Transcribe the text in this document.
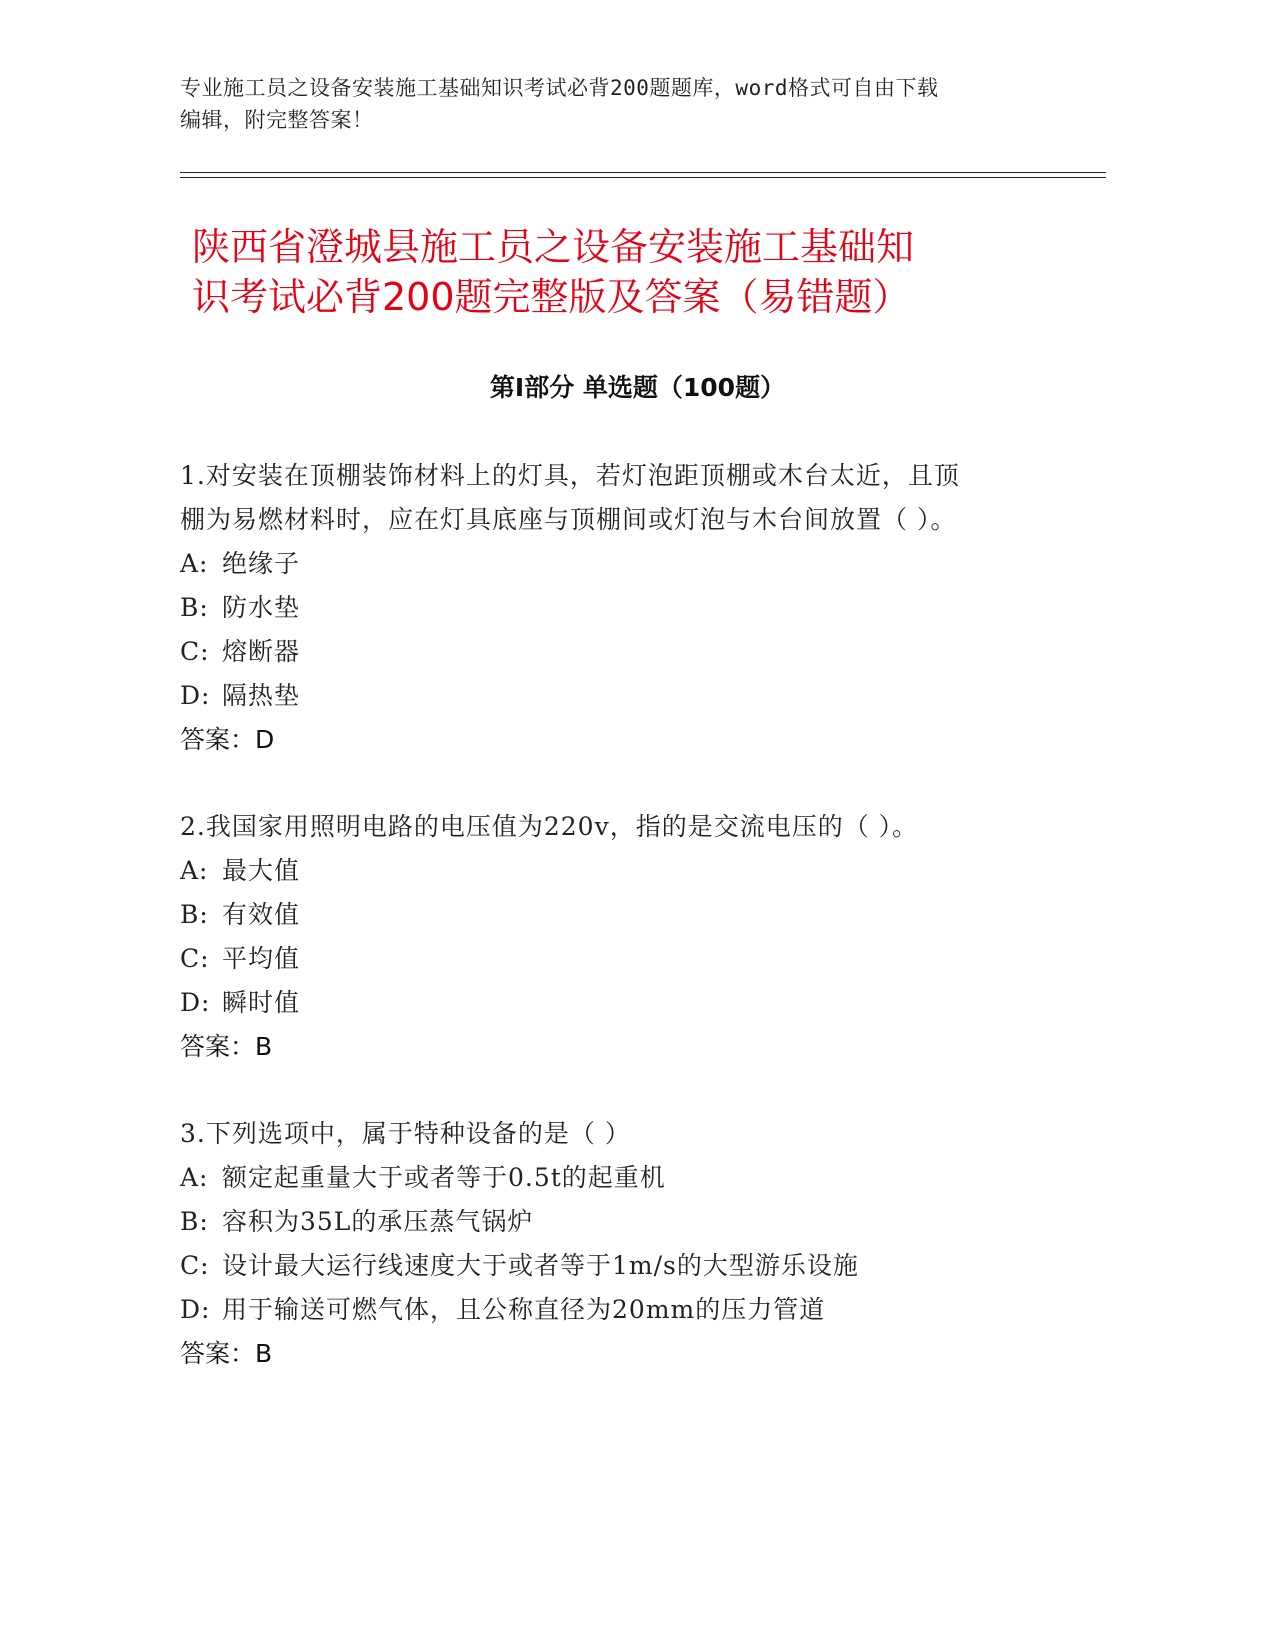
专业施工员之设备安装施工基础知识考试必背200题题库，word格式可自由下载
编辑，附完整答案！
陕西省澄城县施工员之设备安装施工基础知
识考试必背200题完整版及答案（易错题）
第Ⅰ部分 单选题（100题）

1.对安装在顶棚装饰材料上的灯具，若灯泡距顶棚或木台太近，且顶

棚为易燃材料时，应在灯具底座与顶棚间或灯泡与木台间放置（ ）。

A: 绝缘子

B: 防水垫

C: 熔断器

D: 隔热垫

答案：D

2.我国家用照明电路的电压值为220v，指的是交流电压的（ ）。

A: 最大值

B: 有效值

C: 平均值

D: 瞬时值

答案：B

3.下列选项中，属于特种设备的是（ ）

A: 额定起重量大于或者等于0.5t的起重机

B: 容积为35L的承压蒸气锅炉

C: 设计最大运行线速度大于或者等于1m/s的大型游乐设施

D: 用于输送可燃气体，且公称直径为20mm的压力管道

答案：B
